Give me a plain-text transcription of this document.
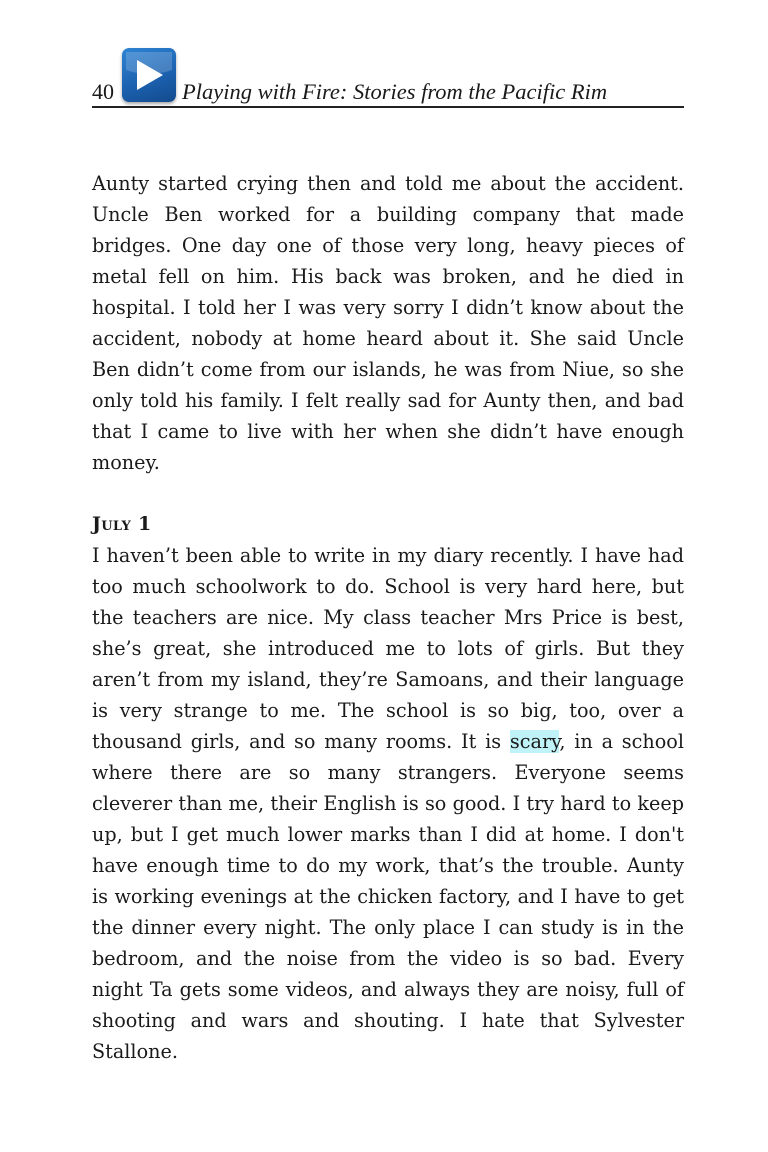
40	Playing with Fire: Stories from the Pacific Rim

Aunty started crying then and told me about the accident. Uncle Ben worked for a building company that made bridges. One day one of those very long, heavy pieces of metal fell on him. His back was broken, and he died in hospital. I told her I was very sorry I didn’t know about the accident, nobody at home heard about it. She said Uncle Ben didn’t come from our islands, he was from Niue, so she only told his family. I felt really sad for Aunty then, and bad that I came to live with her when she didn’t have enough money.

July 1

I haven’t been able to write in my diary recently. I have had too much schoolwork to do. School is very hard here, but the teachers are nice. My class teacher Mrs Price is best, she’s great, she introduced me to lots of girls. But they aren’t from my island, they’re Samoans, and their language is very strange to me. The school is so big, too, over a thousand girls, and so many rooms. It is scary, in a school where there are so many strangers. Everyone seems cleverer than me, their English is so good. I try hard to keep up, but I get much lower marks than I did at home. I don't have enough time to do my work, that’s the trouble. Aunty is working evenings at the chicken factory, and I have to get the dinner every night. The only place I can study is in the bedroom, and the noise from the video is so bad. Every night Ta gets some videos, and always they are noisy, full of shooting and wars and shouting. I hate that Sylvester Stallone.
